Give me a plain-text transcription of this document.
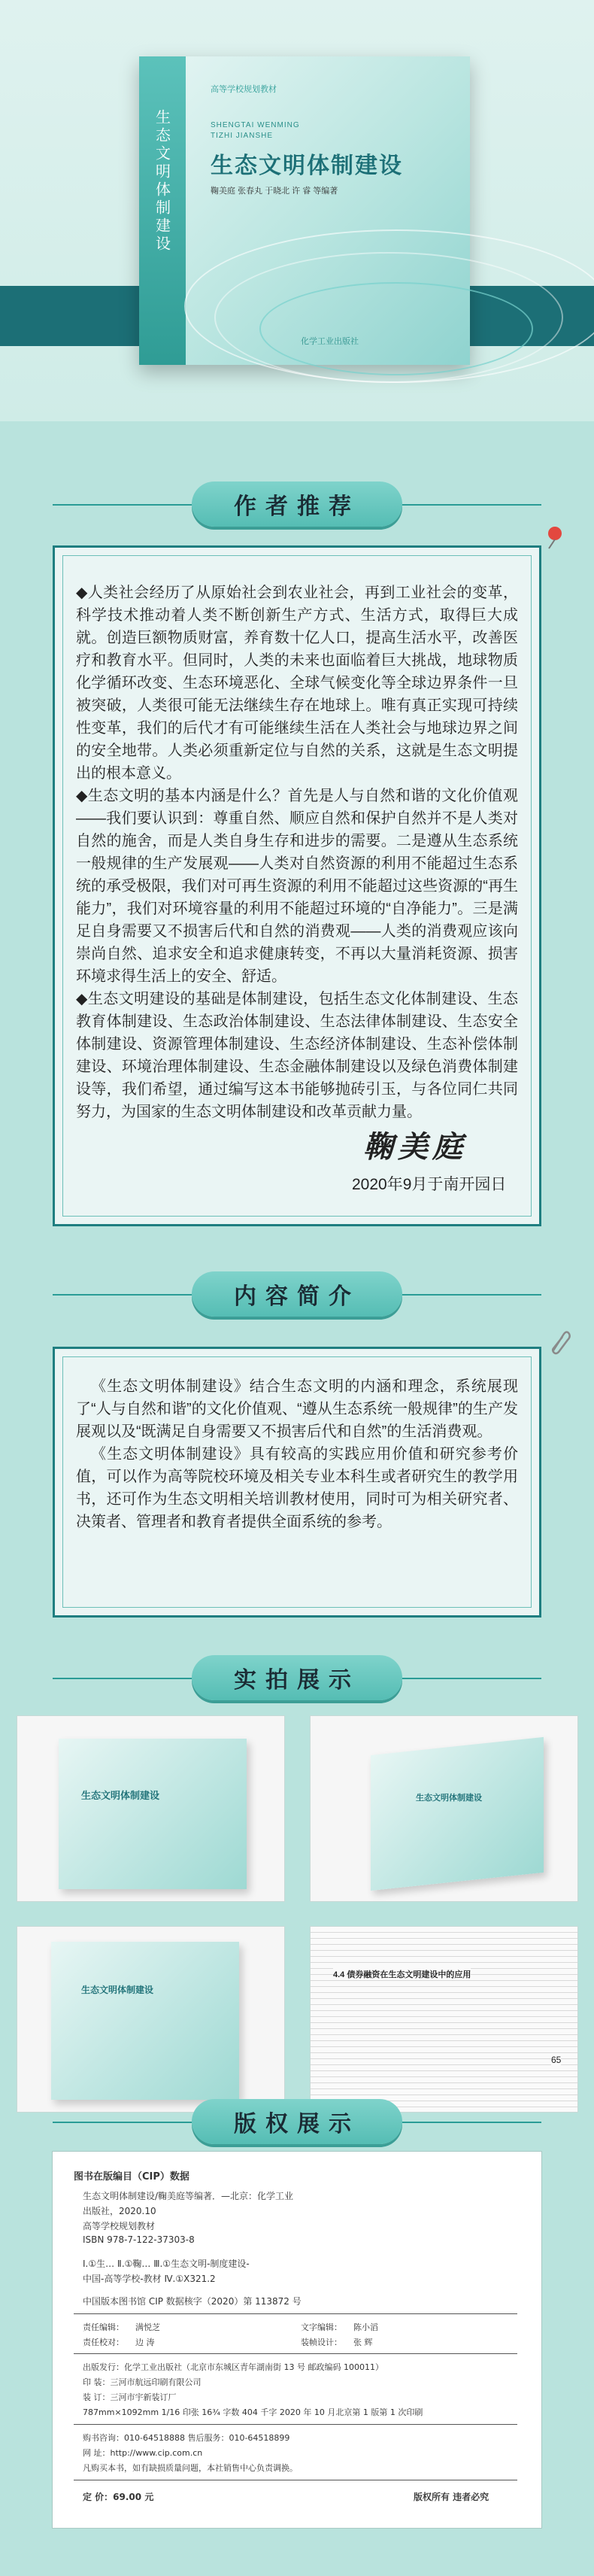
生态文明体制建设
高等学校规划教材
SHENGTAI WENMING
TIZHI JIANSHE
生态文明体制建设
鞠美庭 张春丸 于晓北 许 睿 等编著
化学工业出版社
作者推荐

◆人类社会经历了从原始社会到农业社会，再到工业社会的变革，科学技术推动着人类不断创新生产方式、生活方式，取得巨大成就。创造巨额物质财富，养育数十亿人口，提高生活水平，改善医疗和教育水平。但同时，人类的未来也面临着巨大挑战，地球物质化学循环改变、生态环境恶化、全球气候变化等全球边界条件一旦被突破，人类很可能无法继续生存在地球上。唯有真正实现可持续性变革，我们的后代才有可能继续生活在人类社会与地球边界之间的安全地带。人类必须重新定位与自然的关系，这就是生态文明提出的根本意义。

◆生态文明的基本内涵是什么？首先是人与自然和谐的文化价值观——我们要认识到：尊重自然、顺应自然和保护自然并不是人类对自然的施舍，而是人类自身生存和进步的需要。二是遵从生态系统一般规律的生产发展观——人类对自然资源的利用不能超过生态系统的承受极限，我们对可再生资源的利用不能超过这些资源的“再生能力”，我们对环境容量的利用不能超过环境的“自净能力”。三是满足自身需要又不损害后代和自然的消费观——人类的消费观应该向崇尚自然、追求安全和追求健康转变，不再以大量消耗资源、损害环境求得生活上的安全、舒适。

◆生态文明建设的基础是体制建设，包括生态文化体制建设、生态教育体制建设、生态政治体制建设、生态法律体制建设、生态安全体制建设、资源管理体制建设、生态经济体制建设、生态补偿体制建设、环境治理体制建设、生态金融体制建设以及绿色消费体制建设等，我们希望，通过编写这本书能够抛砖引玉，与各位同仁共同努力，为国家的生态文明体制建设和改革贡献力量。

鞠美庭
2020年9月于南开园日
内容简介

《生态文明体制建设》结合生态文明的内涵和理念，系统展现了“人与自然和谐”的文化价值观、“遵从生态系统一般规律”的生产发展观以及“既满足自身需要又不损害后代和自然”的生活消费观。

《生态文明体制建设》具有较高的实践应用价值和研究参考价值，可以作为高等院校环境及相关专业本科生或者研究生的教学用书，还可作为生态文明相关培训教材使用，同时可为相关研究者、决策者、管理者和教育者提供全面系统的参考。

实拍展示
生态文明体制建设	生态文明体制建设
生态文明体制建设
4.4 债券融资在生态文明建设中的应用
65
版权展示
图书在版编目（CIP）数据
生态文明体制建设/鞠美庭等编著．—北京：化学工业
出版社，2020.10
高等学校规划教材
ISBN 978-7-122-37303-8
Ⅰ.①生… Ⅱ.①鞠… Ⅲ.①生态文明-制度建设-
中国-高等学校-教材 Ⅳ.①X321.2
中国版本图书馆 CIP 数据核字（2020）第 113872 号
责任编辑： 满悦芝	文字编辑： 陈小滔
责任校对： 边 涛	装帧设计： 张 辉
出版发行：化学工业出版社（北京市东城区青年湖南街 13 号 邮政编码 100011）
印 装：三河市航远印刷有限公司
装 订：三河市宇新装订厂
787mm×1092mm 1/16 印张 16¾ 字数 404 千字 2020 年 10 月北京第 1 版第 1 次印刷
购书咨询：010-64518888 售后服务：010-64518899
网 址：http://www.cip.com.cn
凡购买本书，如有缺损质量问题，本社销售中心负责调换。
定 价：69.00 元	版权所有 违者必究
